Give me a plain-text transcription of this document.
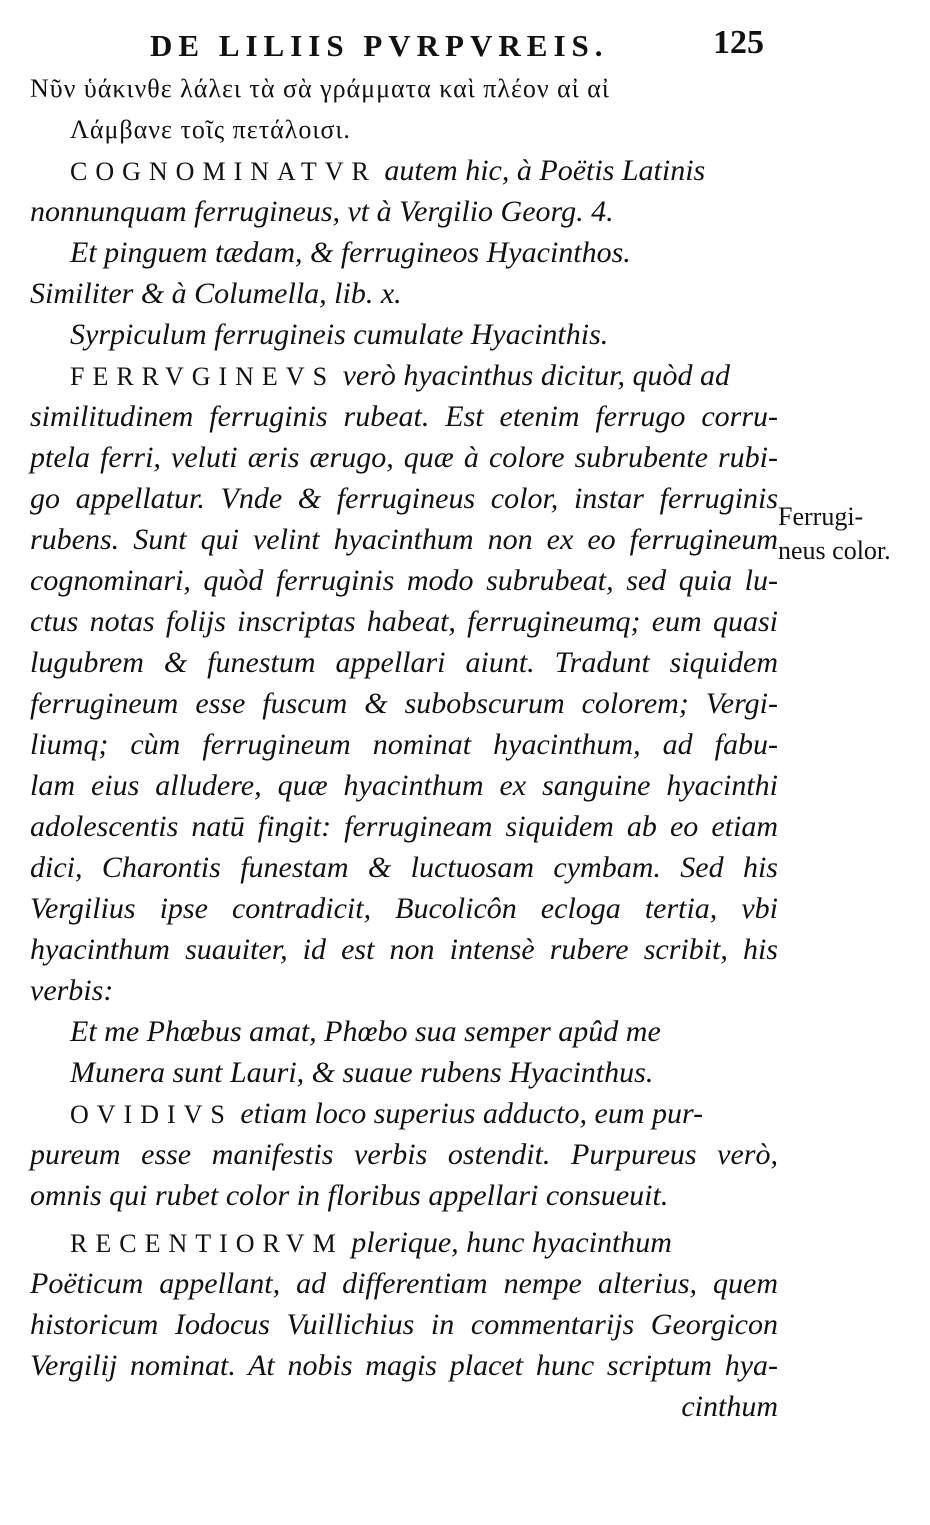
DE LILIIS PVRPVREIS.	125
Νῦν ὑάκινθε λάλει τὰ σὰ γράμματα καὶ πλέον αἰ αἰ
Λάμβανε τοῖς πετάλοισι.
COGNOMINATVR autem hic, à Poëtis Latinis
nonnunquam ferrugineus, vt à Vergilio Georg. 4.
Et pinguem tædam, & ferrugineos Hyacinthos.
Similiter & à Columella, lib. x.
Syrpiculum ferrugineis cumulate Hyacinthis.
FERRVGINEVS verò hyacinthus dicitur, quòd ad
similitudinem ferruginis rubeat. Est etenim ferrugo corru-
ptela ferri, veluti æris ærugo, quæ à colore subrubente rubi-
go appellatur. Vnde & ferrugineus color, instar ferruginis
rubens. Sunt qui velint hyacinthum non ex eo ferrugineum
cognominari, quòd ferruginis modo subrubeat, sed quia lu-
ctus notas folijs inscriptas habeat, ferrugineumq; eum quasi
lugubrem & funestum appellari aiunt. Tradunt siquidem
ferrugineum esse fuscum & subobscurum colorem; Vergi-
liumq; cùm ferrugineum nominat hyacinthum, ad fabu-
lam eius alludere, quæ hyacinthum ex sanguine hyacinthi
adolescentis natū fingit: ferrugineam siquidem ab eo etiam
dici, Charontis funestam & luctuosam cymbam. Sed his
Vergilius ipse contradicit, Bucolicôn ecloga tertia, vbi
hyacinthum suauiter, id est non intensè rubere scribit, his
verbis:
Et me Phœbus amat, Phœbo sua semper apûd me
Munera sunt Lauri, & suaue rubens Hyacinthus.
OVIDIVS etiam loco superius adducto, eum pur-
pureum esse manifestis verbis ostendit. Purpureus verò,
omnis qui rubet color in floribus appellari consueuit.
RECENTIORVM plerique, hunc hyacinthum
Poëticum appellant, ad differentiam nempe alterius, quem
historicum Iodocus Vuillichius in commentarijs Georgicon
Vergilij nominat. At nobis magis placet hunc scriptum hya-
cinthum
Ferrugi-
neus color.
